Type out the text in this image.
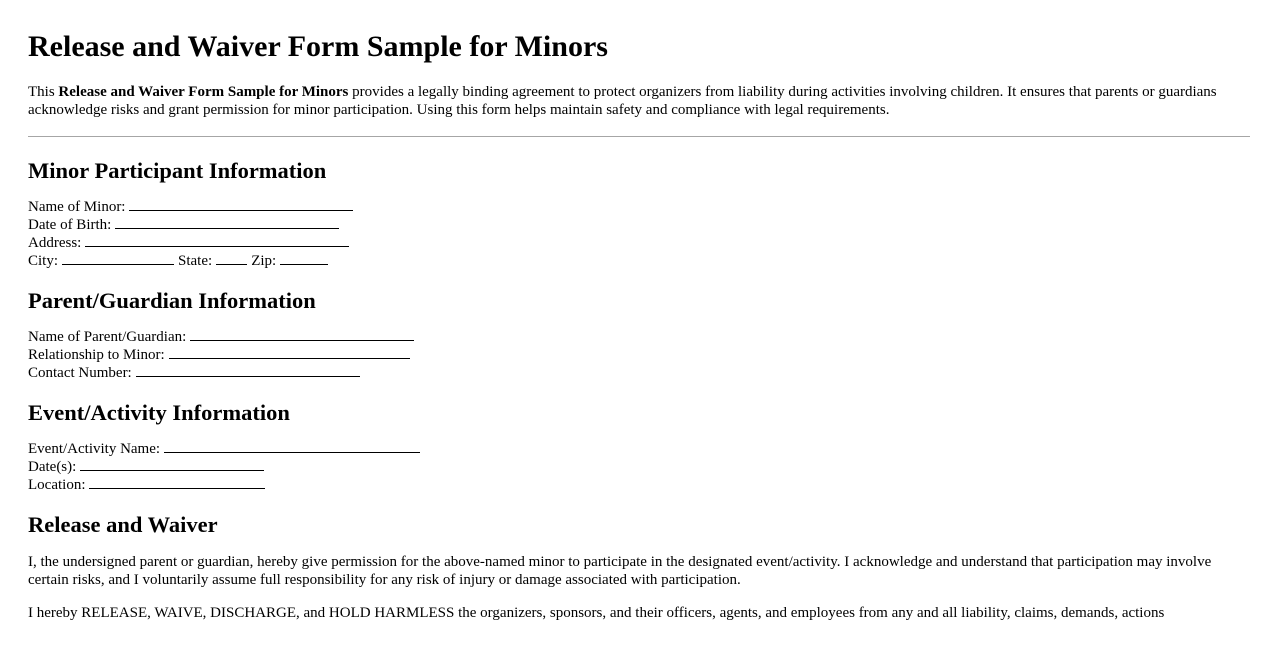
Release and Waiver Form Sample for Minors

This Release and Waiver Form Sample for Minors provides a legally binding agreement to protect organizers from liability during activities involving children. It ensures that parents or guardians acknowledge risks and grant permission for minor participation. Using this form helps maintain safety and compliance with legal requirements.

Minor Participant Information
Name of Minor:
Date of Birth:
Address:
City:	State:	Zip:
Parent/Guardian Information
Name of Parent/Guardian:
Relationship to Minor:
Contact Number:
Event/Activity Information
Event/Activity Name:
Date(s):
Location:
Release and Waiver

I, the undersigned parent or guardian, hereby give permission for the above-named minor to participate in the designated event/activity. I acknowledge and understand that participation may involve certain risks, and I voluntarily assume full responsibility for any risk of injury or damage associated with participation.

I hereby RELEASE, WAIVE, DISCHARGE, and HOLD HARMLESS the organizers, sponsors, and their officers, agents, and employees from any and all liability, claims, demands, actions
